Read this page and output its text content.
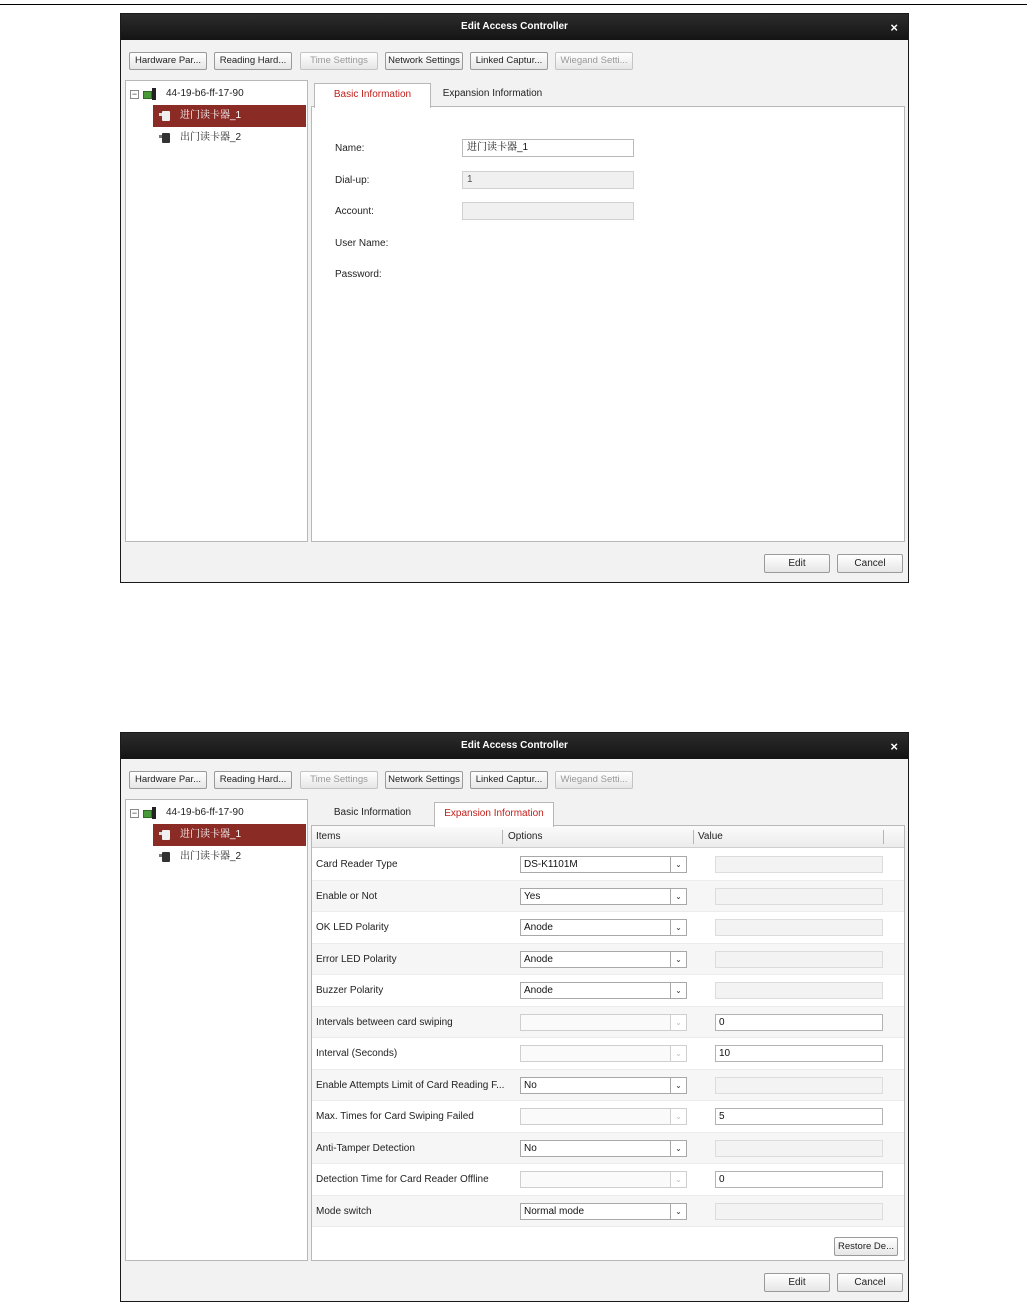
Edit Access Controller	×
Hardware Par...	Reading Hard...	Time Settings	Network Settings	Linked Captur...	Wiegand Setti...
−	44-19-b6-ff-17-90
进门读卡器_1
出门读卡器_2
Basic Information	Expansion Information
Name:	进门读卡器_1
Dial-up:	1
Account:
User Name:
Password:
Edit	Cancel
Edit Access Controller	×
Hardware Par...	Reading Hard...	Time Settings	Network Settings	Linked Captur...	Wiegand Setti...
−	44-19-b6-ff-17-90
进门读卡器_1
出门读卡器_2
Basic Information	Expansion Information
Items	Options	Value
Card Reader Type	DS-K1101M	⌄
Enable or Not	Yes	⌄
OK LED Polarity	Anode	⌄
Error LED Polarity	Anode	⌄
Buzzer Polarity	Anode	⌄
Intervals between card swiping	⌄	0
Interval (Seconds)	⌄	10
Enable Attempts Limit of Card Reading F...	No	⌄
Max. Times for Card Swiping Failed	⌄	5
Anti-Tamper Detection	No	⌄
Detection Time for Card Reader Offline	⌄	0
Mode switch	Normal mode	⌄
Restore De...
Edit	Cancel
